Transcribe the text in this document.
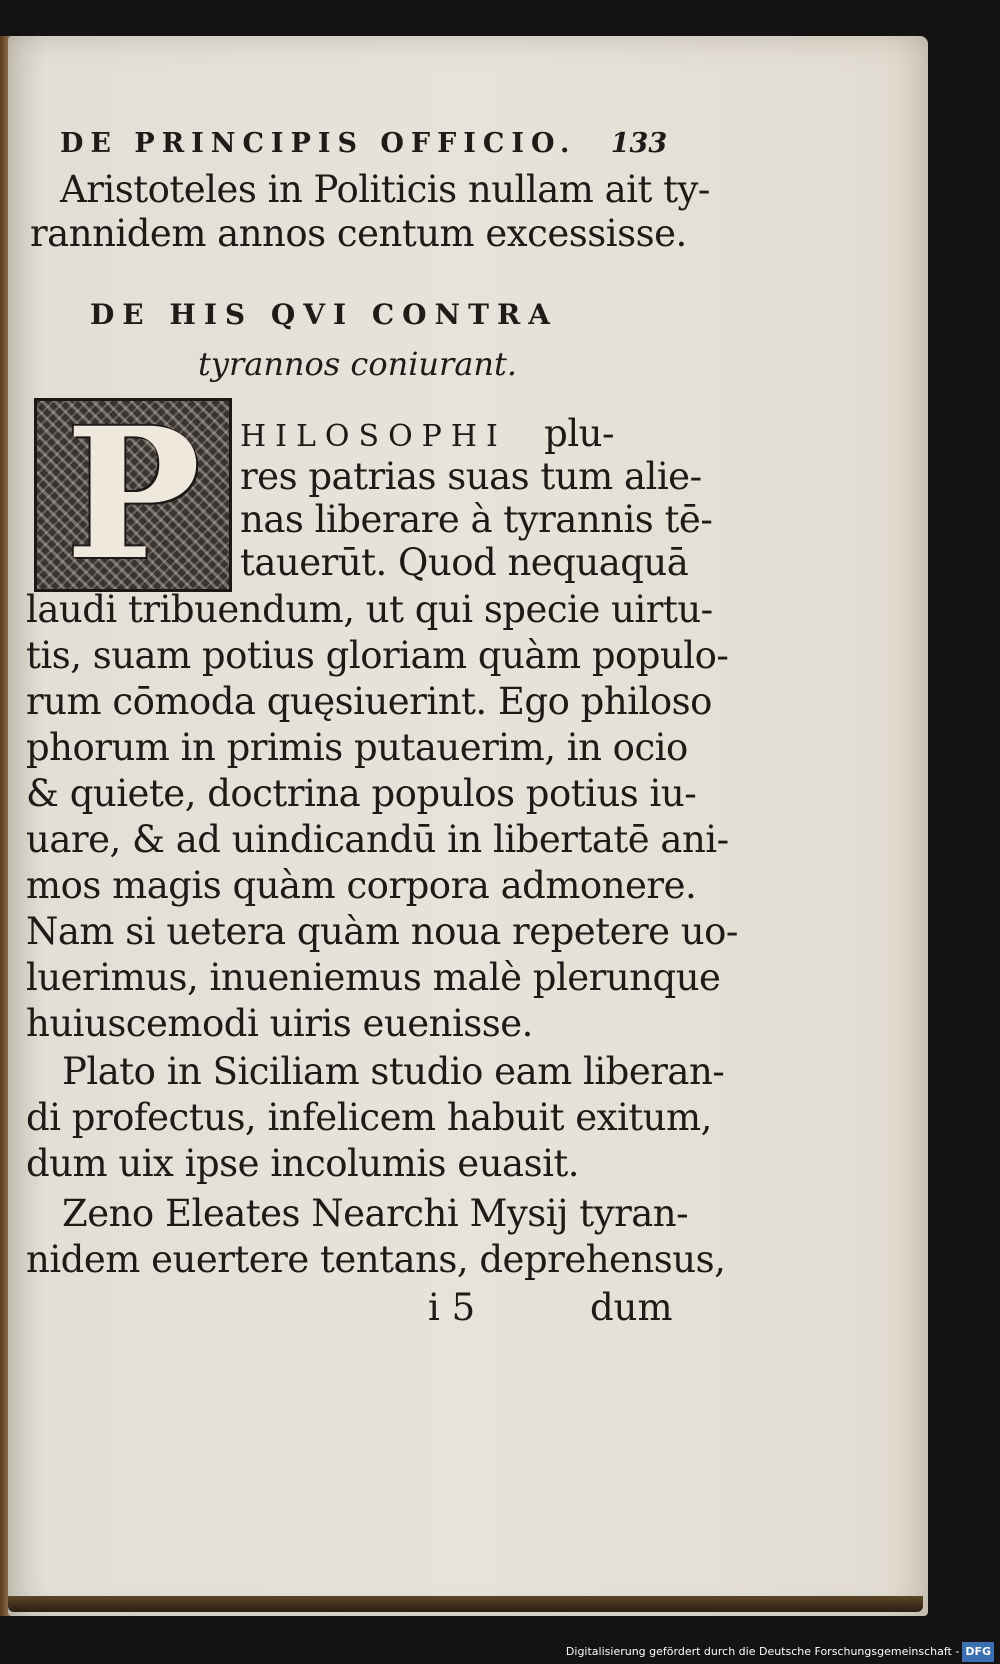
DE PRINCIPIS OFFICIO. 133
Aristoteles in Politicis nullam ait ty-
rannidem annos centum excessisse.
DE HIS QVI CONTRA
tyrannos coniurant.
P HILOSOPHI plu-
res patrias suas tum alie-
nas liberare à tyrannis tē-
tauerūt. Quod nequaquā
laudi tribuendum, ut qui specie uirtu-
tis, suam potius gloriam quàm populo-
rum cōmoda quęsiuerint. Ego philoso
phorum in primis putauerim, in ocio
& quiete, doctrina populos potius iu-
uare, & ad uindicandū in libertatē ani-
mos magis quàm corpora admonere.
Nam si uetera quàm noua repetere uo-
luerimus, inueniemus malè plerunque
huiuscemodi uiris euenisse.
Plato in Siciliam studio eam liberan-
di profectus, infelicem habuit exitum,
dum uix ipse incolumis euasit.
Zeno Eleates Nearchi Mysij tyran-
nidem euertere tentans, deprehensus,
i 5	dum
Digitalisierung gefördert durch die Deutsche Forschungsgemeinschaft - DFG
